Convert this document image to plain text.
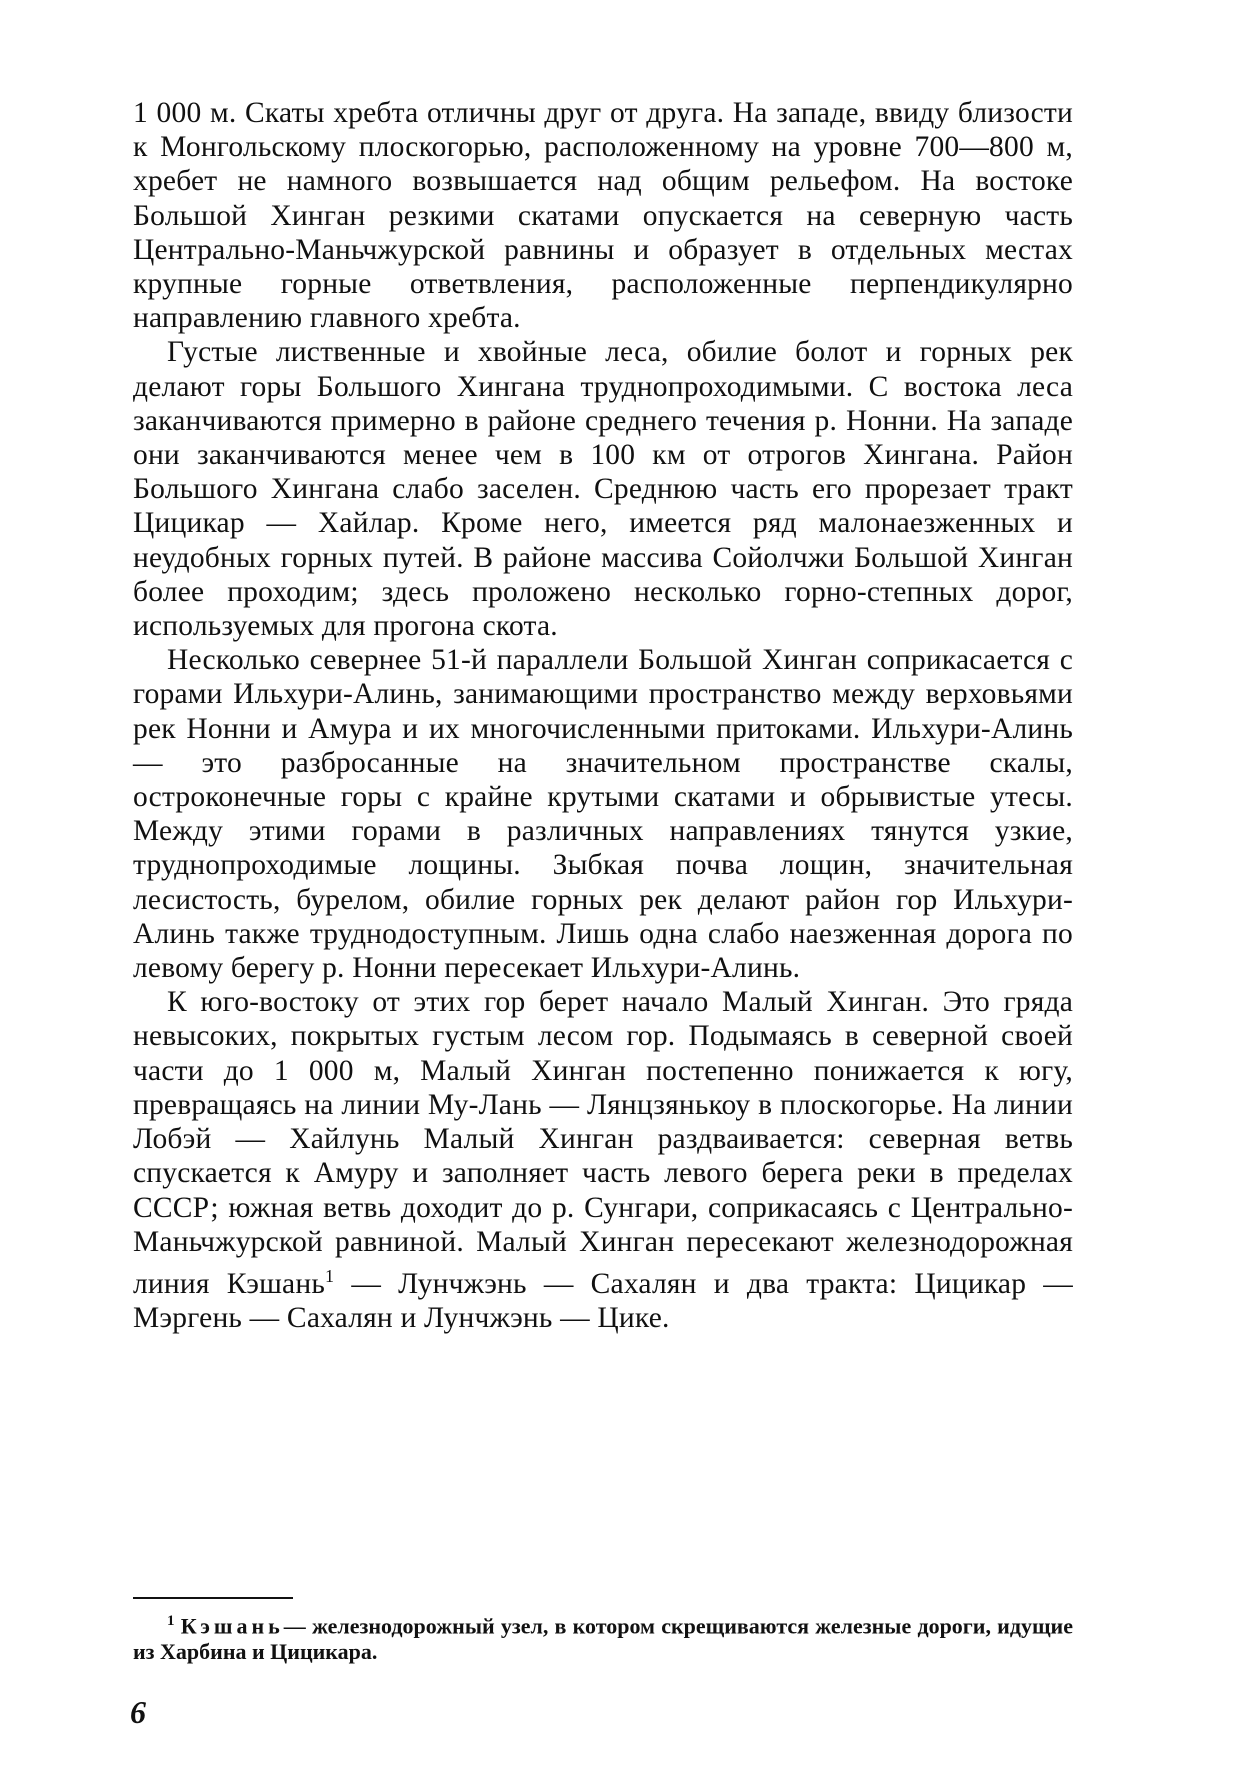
1 000 м. Скаты хребта отличны друг от друга. На западе, ввиду близости к Монгольскому плоскогорью, расположенному на уровне 700—800 м, хребет не намного возвышается над общим рельефом. На востоке Большой Хинган резкими скатами опускается на северную часть Центрально-Маньчжурской равнины и образует в отдельных местах крупные горные ответвления, расположенные перпендикулярно направлению главного хребта.

Густые лиственные и хвойные леса, обилие болот и горных рек делают горы Большого Хингана труднопроходимыми. С востока леса заканчиваются примерно в районе среднего течения р. Нонни. На западе они заканчиваются менее чем в 100 км от отрогов Хингана. Район Большого Хингана слабо заселен. Среднюю часть его прорезает тракт Цицикар — Хайлар. Кроме него, имеется ряд малонаезженных и неудобных горных путей. В районе массива Сойолчжи Большой Хинган более проходим; здесь проложено несколько горно-степных дорог, используемых для прогона скота.

Несколько севернее 51-й параллели Большой Хинган соприкасается с горами Ильхури-Алинь, занимающими пространство между верховьями рек Нонни и Амура и их многочисленными притоками. Ильхури-Алинь — это разбросанные на значительном пространстве скалы, остроконечные горы с крайне крутыми скатами и обрывистые утесы. Между этими горами в различных направлениях тянутся узкие, труднопроходимые лощины. Зыбкая почва лощин, значительная лесистость, бурелом, обилие горных рек делают район гор Ильхури-Алинь также труднодоступным. Лишь одна слабо наезженная дорога по левому берегу р. Нонни пересекает Ильхури-Алинь.

К юго-востоку от этих гор берет начало Малый Хинган. Это гряда невысоких, покрытых густым лесом гор. Подымаясь в северной своей части до 1 000 м, Малый Хинган постепенно понижается к югу, превращаясь на линии Му-Лань — Лянцзянькоу в плоскогорье. На линии Лобэй — Хайлунь Малый Хинган раздваивается: северная ветвь спускается к Амуру и заполняет часть левого берега реки в пределах СССР; южная ветвь доходит до р. Сунгари, соприкасаясь с Центрально-Маньчжурской равниной. Малый Хинган пересекают железнодорожная линия Кэшань$^1$ — Лунчжэнь — Сахалян и два тракта: Цицикар — Мэргень — Сахалян и Лунчжэнь — Цике.

$^1$ Кэшань— железнодорожный узел, в котором скрещиваются железные дороги, идущие из Харбина и Цицикара.

6
